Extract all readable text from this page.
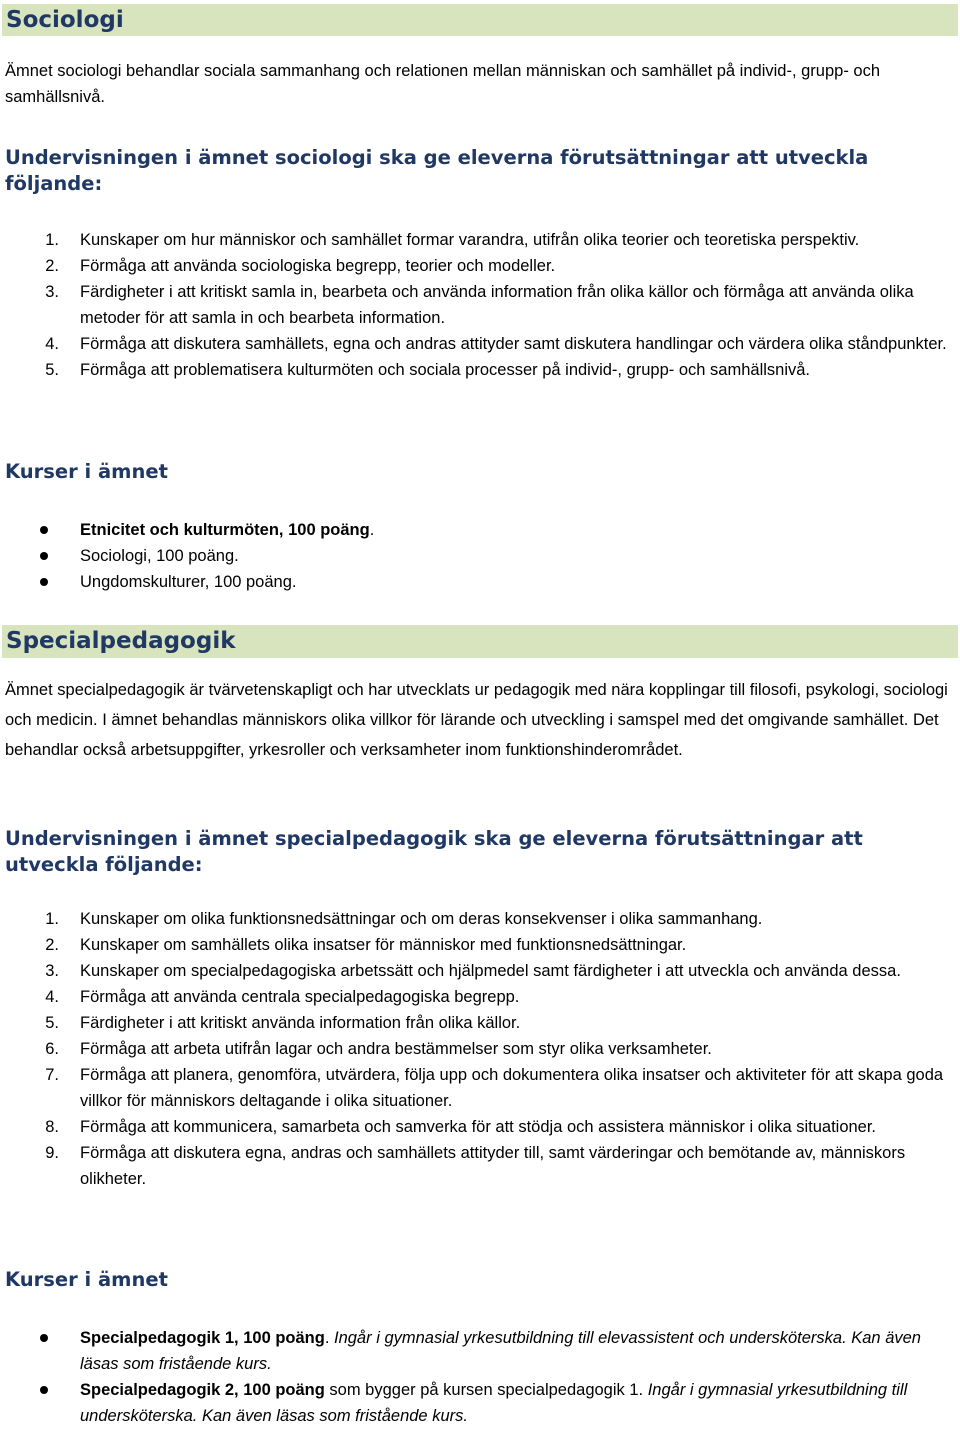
Sociologi

Ämnet sociologi behandlar sociala sammanhang och relationen mellan människan och samhället på individ-, grupp- och samhällsnivå.

Undervisningen i ämnet sociologi ska ge eleverna förutsättningar att utveckla följande:
1. Kunskaper om hur människor och samhället formar varandra, utifrån olika teorier och teoretiska perspektiv.
2. Förmåga att använda sociologiska begrepp, teorier och modeller.
3. Färdigheter i att kritiskt samla in, bearbeta och använda information från olika källor och förmåga att använda olika metoder för att samla in och bearbeta information.
4. Förmåga att diskutera samhällets, egna och andras attityder samt diskutera handlingar och värdera olika ståndpunkter.
5. Förmåga att problematisera kulturmöten och sociala processer på individ-, grupp- och samhällsnivå.
Kurser i ämnet
Etnicitet och kulturmöten, 100 poäng.
Sociologi, 100 poäng.
Ungdomskulturer, 100 poäng.
Specialpedagogik

Ämnet specialpedagogik är tvärvetenskapligt och har utvecklats ur pedagogik med nära kopplingar till filosofi, psykologi, sociologi och medicin. I ämnet behandlas människors olika villkor för lärande och utveckling i samspel med det omgivande samhället. Det behandlar också arbetsuppgifter, yrkesroller och verksamheter inom funktionshinderområdet.

Undervisningen i ämnet specialpedagogik ska ge eleverna förutsättningar att utveckla följande:
1. Kunskaper om olika funktionsnedsättningar och om deras konsekvenser i olika sammanhang.
2. Kunskaper om samhällets olika insatser för människor med funktionsnedsättningar.
3. Kunskaper om specialpedagogiska arbetssätt och hjälpmedel samt färdigheter i att utveckla och använda dessa.
4. Förmåga att använda centrala specialpedagogiska begrepp.
5. Färdigheter i att kritiskt använda information från olika källor.
6. Förmåga att arbeta utifrån lagar och andra bestämmelser som styr olika verksamheter.
7. Förmåga att planera, genomföra, utvärdera, följa upp och dokumentera olika insatser och aktiviteter för att skapa goda villkor för människors deltagande i olika situationer.
8. Förmåga att kommunicera, samarbeta och samverka för att stödja och assistera människor i olika situationer.
9. Förmåga att diskutera egna, andras och samhällets attityder till, samt värderingar och bemötande av, människors olikheter.
Kurser i ämnet
Specialpedagogik 1, 100 poäng. Ingår i gymnasial yrkesutbildning till elevassistent och undersköterska. Kan även läsas som fristående kurs.
Specialpedagogik 2, 100 poäng som bygger på kursen specialpedagogik 1. Ingår i gymnasial yrkesutbildning till undersköterska. Kan även läsas som fristående kurs.
